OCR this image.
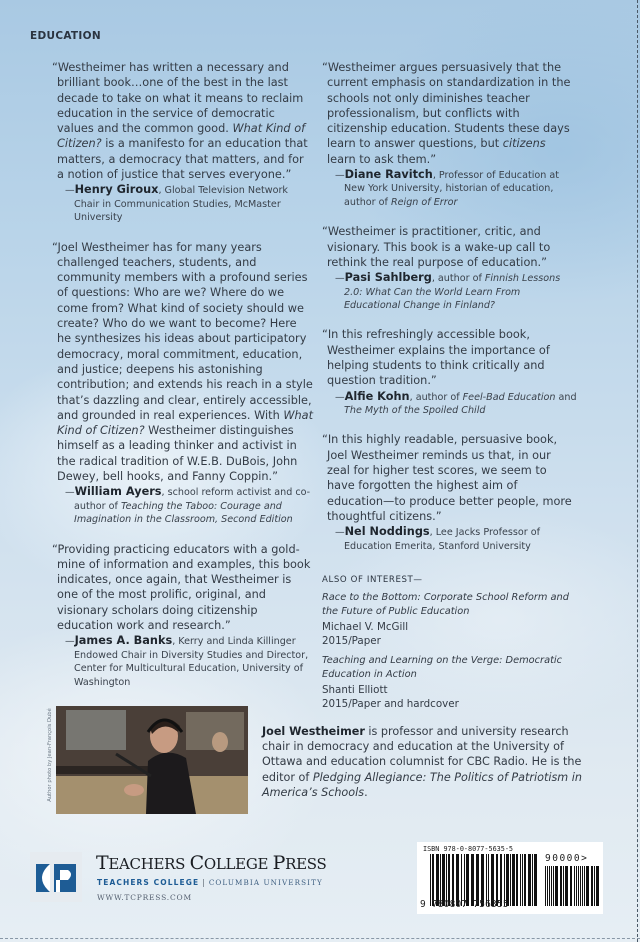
EDUCATION
“Westheimer has written a necessary and brilliant book…one of the best in the last decade to take on what it means to reclaim education in the service of democratic values and the common good. What Kind of Citizen? is a manifesto for an education that matters, a democracy that matters, and for a notion of justice that serves everyone.”
—Henry Giroux, Global Television Network Chair in Communication Studies, McMaster University
“Joel Westheimer has for many years challenged teachers, students, and community members with a profound series of questions: Who are we? Where do we come from? What kind of society should we create? Who do we want to become? Here he synthesizes his ideas about participatory democracy, moral commitment, education, and justice; deepens his astonishing contribution; and extends his reach in a style that’s dazzling and clear, entirely accessible, and grounded in real experiences. With What Kind of Citizen? Westheimer distinguishes himself as a leading thinker and activist in the radical tradition of W.E.B. DuBois, John Dewey, bell hooks, and Fanny Coppin.”
—William Ayers, school reform activist and co-author of Teaching the Taboo: Courage and Imagination in the Classroom, Second Edition
“Providing practicing educators with a gold-mine of information and examples, this book indicates, once again, that Westheimer is one of the most prolific, original, and visionary scholars doing citizenship education work and research.”
—James A. Banks, Kerry and Linda Killinger Endowed Chair in Diversity Studies and Director, Center for Multicultural Education, University of Washington
“Westheimer argues persuasively that the current emphasis on standardization in the schools not only diminishes teacher professionalism, but conflicts with citizenship education. Students these days learn to answer questions, but citizens learn to ask them.”
—Diane Ravitch, Professor of Education at New York University, historian of education, author of Reign of Error
“Westheimer is practitioner, critic, and visionary. This book is a wake-up call to rethink the real purpose of education.”
—Pasi Sahlberg, author of Finnish Lessons 2.0: What Can the World Learn From Educational Change in Finland?
“In this refreshingly accessible book, Westheimer explains the importance of helping students to think critically and question tradition.”
—Alfie Kohn, author of Feel-Bad Education and The Myth of the Spoiled Child
“In this highly readable, persuasive book, Joel Westheimer reminds us that, in our zeal for higher test scores, we seem to have forgotten the highest aim of education—to produce better people, more thoughtful citizens.”
—Nel Noddings, Lee Jacks Professor of Education Emerita, Stanford University
ALSO OF INTEREST—
Race to the Bottom: Corporate School Reform and the Future of Public Education
Michael V. McGill
2015/Paper
Teaching and Learning on the Verge: Democratic Education in Action
Shanti Elliott
2015/Paper and hardcover
Author photo by Jean-François Dubé	Joel Westheimer is professor and university research chair in democracy and education at the University of Ottawa and education columnist for CBC Radio. He is the editor of Pledging Allegiance: The Politics of Patriotism in America’s Schools.
TEACHERS COLLEGE PRESS
TEACHERS COLLEGE | COLUMBIA UNIVERSITY
WWW.TCPRESS.COM
ISBN 978-0-8077-5635-5
90000>
9 780807 756355
